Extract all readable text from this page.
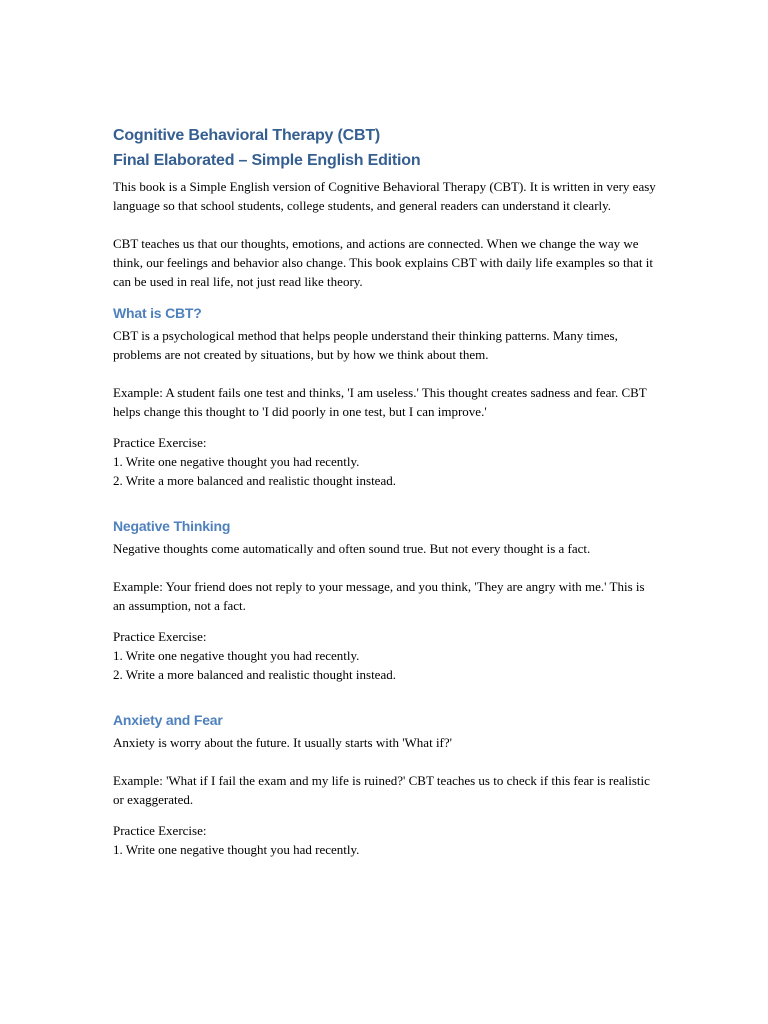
Cognitive Behavioral Therapy (CBT)
Final Elaborated – Simple English Edition

This book is a Simple English version of Cognitive Behavioral Therapy (CBT). It is written in very easy language so that school students, college students, and general readers can understand it clearly.

CBT teaches us that our thoughts, emotions, and actions are connected. When we change the way we think, our feelings and behavior also change. This book explains CBT with daily life examples so that it can be used in real life, not just read like theory.

What is CBT?

CBT is a psychological method that helps people understand their thinking patterns. Many times, problems are not created by situations, but by how we think about them.

Example: A student fails one test and thinks, 'I am useless.' This thought creates sadness and fear. CBT helps change this thought to 'I did poorly in one test, but I can improve.'

Practice Exercise:

1. Write one negative thought you had recently.

2. Write a more balanced and realistic thought instead.

Negative Thinking

Negative thoughts come automatically and often sound true. But not every thought is a fact.

Example: Your friend does not reply to your message, and you think, 'They are angry with me.' This is an assumption, not a fact.

Practice Exercise:

1. Write one negative thought you had recently.

2. Write a more balanced and realistic thought instead.

Anxiety and Fear

Anxiety is worry about the future. It usually starts with 'What if?'

Example: 'What if I fail the exam and my life is ruined?' CBT teaches us to check if this fear is realistic or exaggerated.

Practice Exercise:

1. Write one negative thought you had recently.
